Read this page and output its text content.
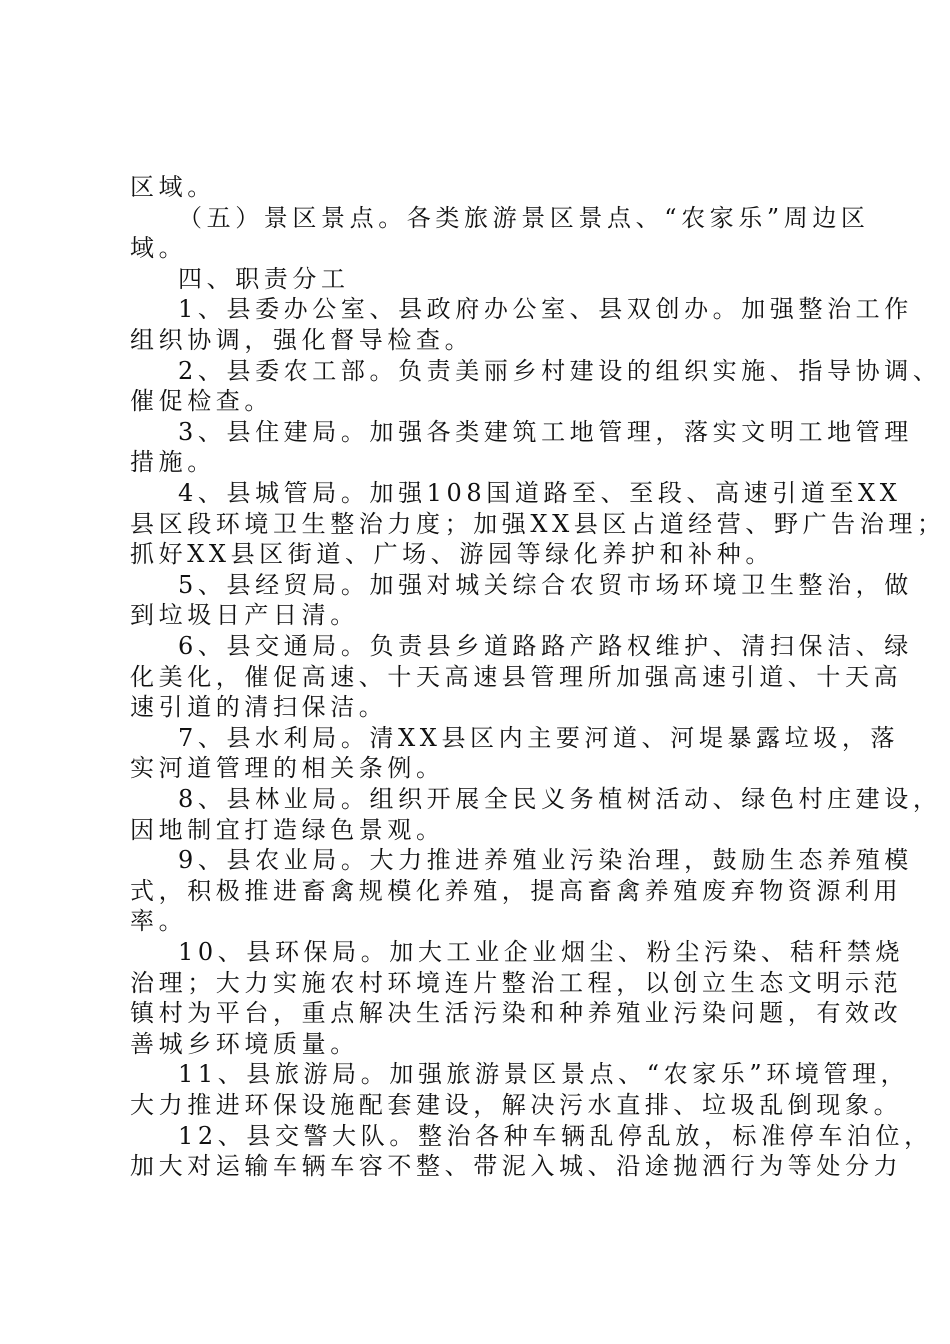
区域。
（五）景区景点。各类旅游景区景点、“农家乐”周边区
域。
四、职责分工
1、县委办公室、县政府办公室、县双创办。加强整治工作
组织协调，强化督导检查。
2、县委农工部。负责美丽乡村建设的组织实施、指导协调、
催促检查。
3、县住建局。加强各类建筑工地管理，落实文明工地管理
措施。
4、县城管局。加强108国道路至、至段、高速引道至XX
县区段环境卫生整治力度；加强XX县区占道经营、野广告治理；
抓好XX县区街道、广场、游园等绿化养护和补种。
5、县经贸局。加强对城关综合农贸市场环境卫生整治，做
到垃圾日产日清。
6、县交通局。负责县乡道路路产路权维护、清扫保洁、绿
化美化，催促高速、十天高速县管理所加强高速引道、十天高
速引道的清扫保洁。
7、县水利局。清XX县区内主要河道、河堤暴露垃圾，落
实河道管理的相关条例。
8、县林业局。组织开展全民义务植树活动、绿色村庄建设，
因地制宜打造绿色景观。
9、县农业局。大力推进养殖业污染治理，鼓励生态养殖模
式，积极推进畜禽规模化养殖，提高畜禽养殖废弃物资源利用
率。
10、县环保局。加大工业企业烟尘、粉尘污染、秸秆禁烧
治理；大力实施农村环境连片整治工程，以创立生态文明示范
镇村为平台，重点解决生活污染和种养殖业污染问题，有效改
善城乡环境质量。
11、县旅游局。加强旅游景区景点、“农家乐”环境管理，
大力推进环保设施配套建设，解决污水直排、垃圾乱倒现象。
12、县交警大队。整治各种车辆乱停乱放，标准停车泊位，
加大对运输车辆车容不整、带泥入城、沿途抛洒行为等处分力
